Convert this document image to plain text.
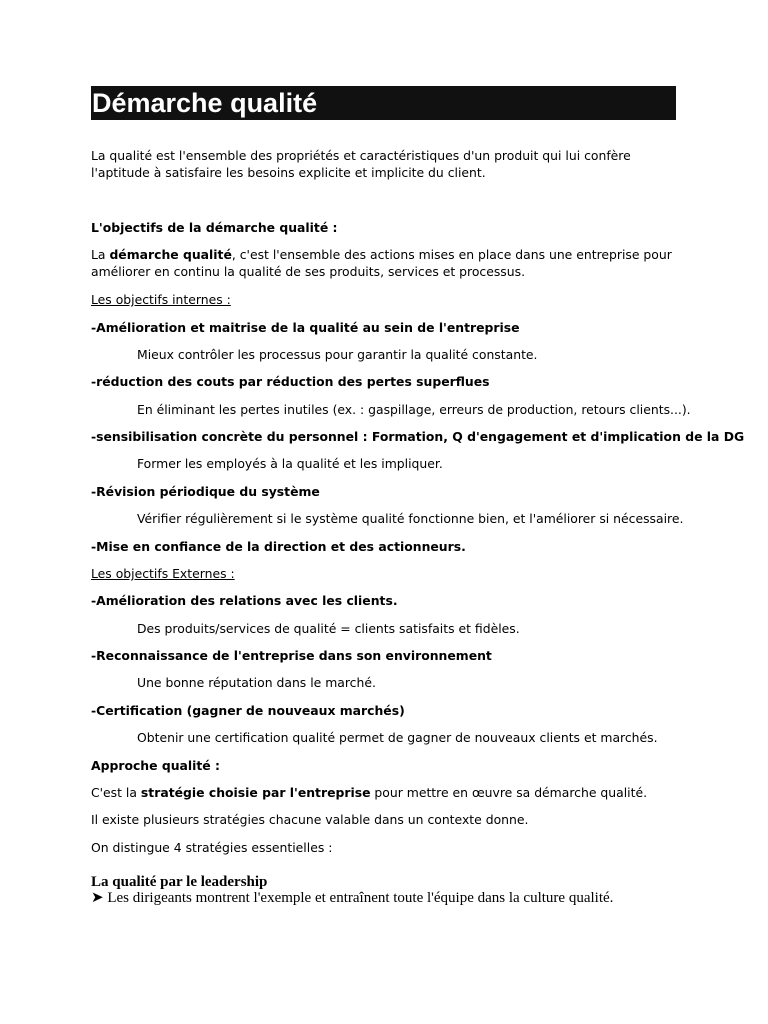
Démarche qualité
La qualité est l'ensemble des propriétés et caractéristiques d'un produit qui lui confère l'aptitude à satisfaire les besoins explicite et implicite du client.
L'objectifs de la démarche qualité :
La démarche qualité, c'est l'ensemble des actions mises en place dans une entreprise pour améliorer en continu la qualité de ses produits, services et processus.
Les objectifs internes :
-Amélioration et maitrise de la qualité au sein de l'entreprise
Mieux contrôler les processus pour garantir la qualité constante.
-réduction des couts par réduction des pertes superflues
En éliminant les pertes inutiles (ex. : gaspillage, erreurs de production, retours clients...).
-sensibilisation concrète du personnel : Formation, Q d'engagement et d'implication de la DG
Former les employés à la qualité et les impliquer.
-Révision périodique du système
Vérifier régulièrement si le système qualité fonctionne bien, et l'améliorer si nécessaire.
-Mise en confiance de la direction et des actionneurs.
Les objectifs Externes :
-Amélioration des relations avec les clients.
Des produits/services de qualité = clients satisfaits et fidèles.
-Reconnaissance de l'entreprise dans son environnement
Une bonne réputation dans le marché.
-Certification (gagner de nouveaux marchés)
Obtenir une certification qualité permet de gagner de nouveaux clients et marchés.
Approche qualité :
C'est la stratégie choisie par l'entreprise pour mettre en œuvre sa démarche qualité.
Il existe plusieurs stratégies chacune valable dans un contexte donne.
On distingue 4 stratégies essentielles :
La qualité par le leadership
➤ Les dirigeants montrent l'exemple et entraînent toute l'équipe dans la culture qualité.
